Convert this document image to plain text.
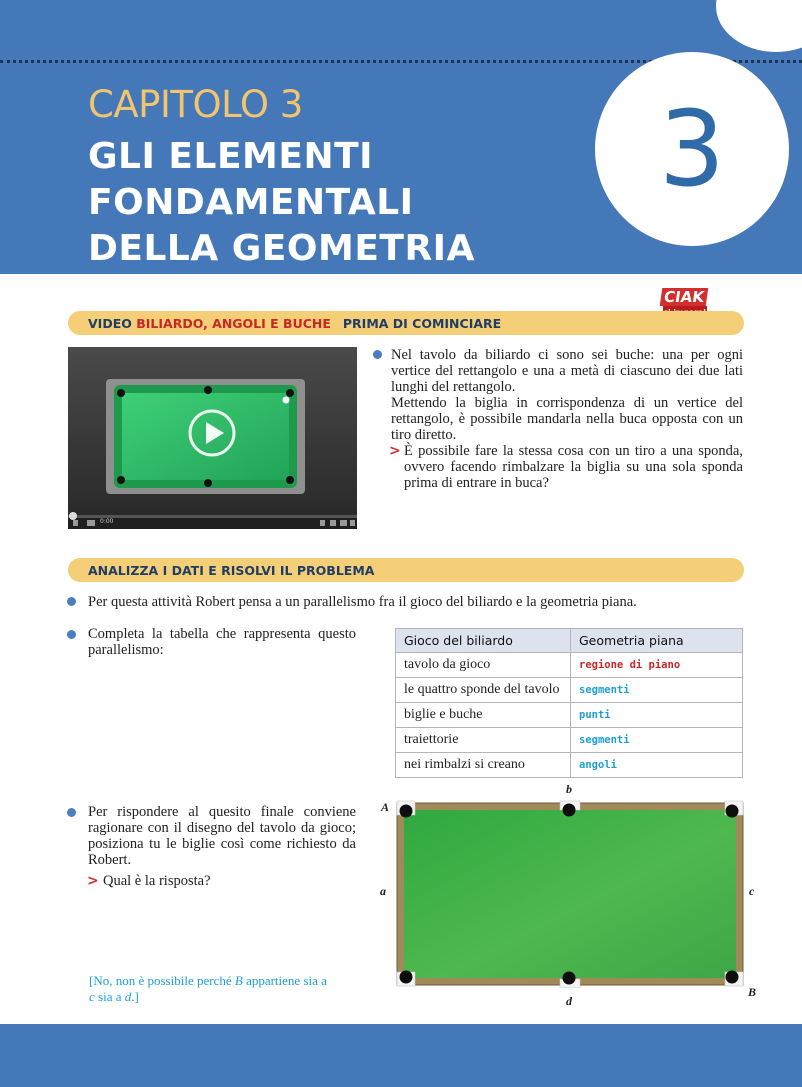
3
CAPITOLO 3
GLI ELEMENTI
FONDAMENTALI
DELLA GEOMETRIA
CIAK
VIDEO
BILIARDO, ANGOLI E BUCHE PRIMA DI COMINCIARE
0:00

Nel tavolo da biliardo ci sono sei buche: una per ogni vertice del rettangolo e una a metà di ciascuno dei due lati lunghi del rettangolo.

Mettendo la biglia in corrispondenza di un vertice del rettangolo, è possibile mandarla nella buca opposta con un tiro diretto.

> È possibile fare la stessa cosa con un tiro a una sponda, ovvero facendo rimbalzare la biglia su una sola sponda prima di entrare in buca?

ANALIZZA I DATI E RISOLVI IL PROBLEMA

Per questa attività Robert pensa a un parallelismo fra il gioco del biliardo e la geometria piana.

Completa la tabella che rappresenta questo parallelismo:

Gioco del biliardo	Geometria piana
tavolo da gioco	regione di piano
le quattro sponde del tavolo	segmenti
biglie e buche	punti
traiettorie	segmenti
nei rimbalzi si creano	angoli

Per rispondere al quesito finale conviene ragionare con il disegno del tavolo da gioco; posiziona tu le biglie così come richiesto da Robert.

> Qual è la risposta?

[No, non è possibile perché B appartiene sia a c sia a d.]

A
b
a	c
d
B
